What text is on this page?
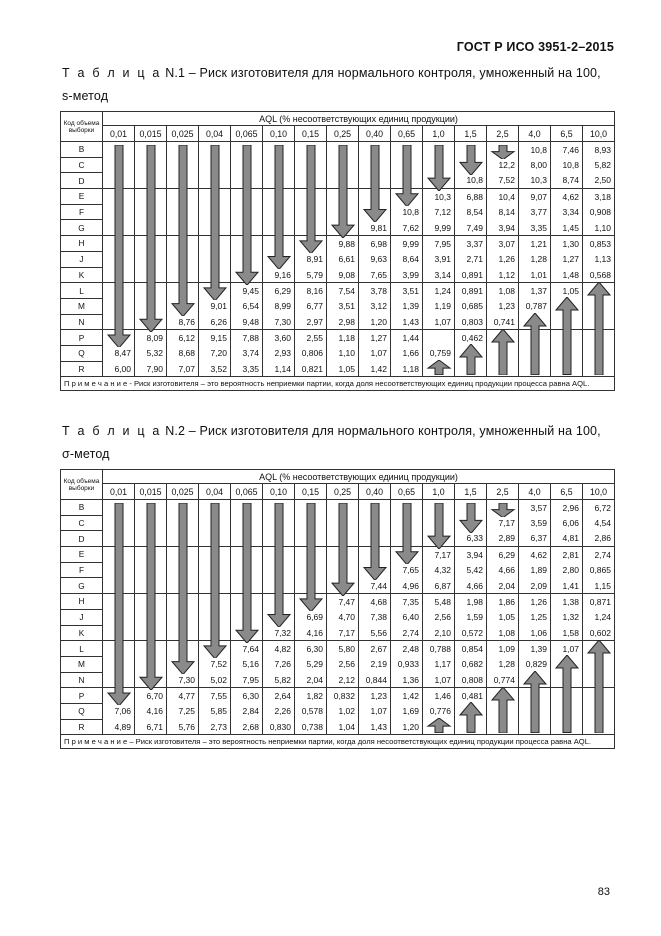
ГОСТ Р ИСО 3951-2–2015
Т а б л и ц а N.1 – Риск изготовителя для нормального контроля, умноженный на 100,
s-метод
Код объема выборки	AQL (% несоответствующих единиц продукции)															
	0,01	0,015	0,025	0,04	0,065	0,10	0,15	0,25	0,40	0,65	1,0	1,5	2,5	4,0	6,5	10,0
B														10,8	7,46	8,93
C													12,2	8,00	10,8	5,82
D												10,8	7,52	10,3	8,74	2,50
E											10,3	6,88	10,4	9,07	4,62	3,18
F										10,8	7,12	8,54	8,14	3,77	3,34	0,908
G									9,81	7,62	9,99	7,49	3,94	3,35	1,45	1,10
H								9,88	6,98	9,99	7,95	3,37	3,07	1,21	1,30	0,853
J							8,91	6,61	9,63	8,64	3,91	2,71	1,26	1,28	1,27	1,13
K						9,16	5,79	9,08	7,65	3,99	3,14	0,891	1,12	1,01	1,48	0,568
L					9,45	6,29	8,16	7,54	3,78	3,51	1,24	0,891	1,08	1,37	1,05	
M				9,01	6,54	8,99	6,77	3,51	3,12	1,39	1,19	0,685	1,23	0,787		
N			8,76	6,26	9,48	7,30	2,97	2,98	1,20	1,43	1,07	0,803	0,741			
P		8,09	6,12	9,15	7,88	3,60	2,55	1,18	1,27	1,44		0,462				
Q	8,47	5,32	8,68	7,20	3,74	2,93	0,806	1,10	1,07	1,66	0,759					
R	6,00	7,90	7,07	3,52	3,35	1,14	0,821	1,05	1,42	1,18						
П р и м е ч а н и е - Риск изготовителя – это вероятность неприемки партии, когда доля несоответствующих единиц продукции процесса равна AQL.																
Т а б л и ц а N.2 – Риск изготовителя для нормального контроля, умноженный на 100,
σ-метод
Код объема выборки	AQL (% несоответствующих единиц продукции)															
	0,01	0,015	0,025	0,04	0,065	0,10	0,15	0,25	0,40	0,65	1,0	1,5	2,5	4,0	6,5	10,0
B														3,57	2,96	6,72
C													7,17	3,59	6,06	4,54
D												6,33	2,89	6,37	4,81	2,86
E											7,17	3,94	6,29	4,62	2,81	2,74
F										7,65	4,32	5,42	4,66	1,89	2,80	0,865
G									7,44	4,96	6,87	4,66	2,04	2,09	1,41	1,15
H								7,47	4,68	7,35	5,48	1,98	1,86	1,26	1,38	0,871
J							6,69	4,70	7,38	6,40	2,56	1,59	1,05	1,25	1,32	1,24
K						7,32	4,16	7,17	5,56	2,74	2,10	0,572	1,08	1,06	1,58	0,602
L					7,64	4,82	6,30	5,80	2,67	2,48	0,788	0,854	1,09	1,39	1,07	
M				7,52	5,16	7,26	5,29	2,56	2,19	0,933	1,17	0,682	1,28	0,829		
N			7,30	5,02	7,95	5,82	2,04	2,12	0,844	1,36	1,07	0,808	0,774			
P		6,70	4,77	7,55	6,30	2,64	1,82	0,832	1,23	1,42	1,46	0,481				
Q	7,06	4,16	7,25	5,85	2,84	2,26	0,578	1,02	1,07	1,69	0,776					
R	4,89	6,71	5,76	2,73	2,68	0,830	0,738	1,04	1,43	1,20						
П р и м е ч а н и е – Риск изготовителя – это вероятность неприемки партии, когда доля несоответствующих единиц продукции процесса равна AQL.																
83
